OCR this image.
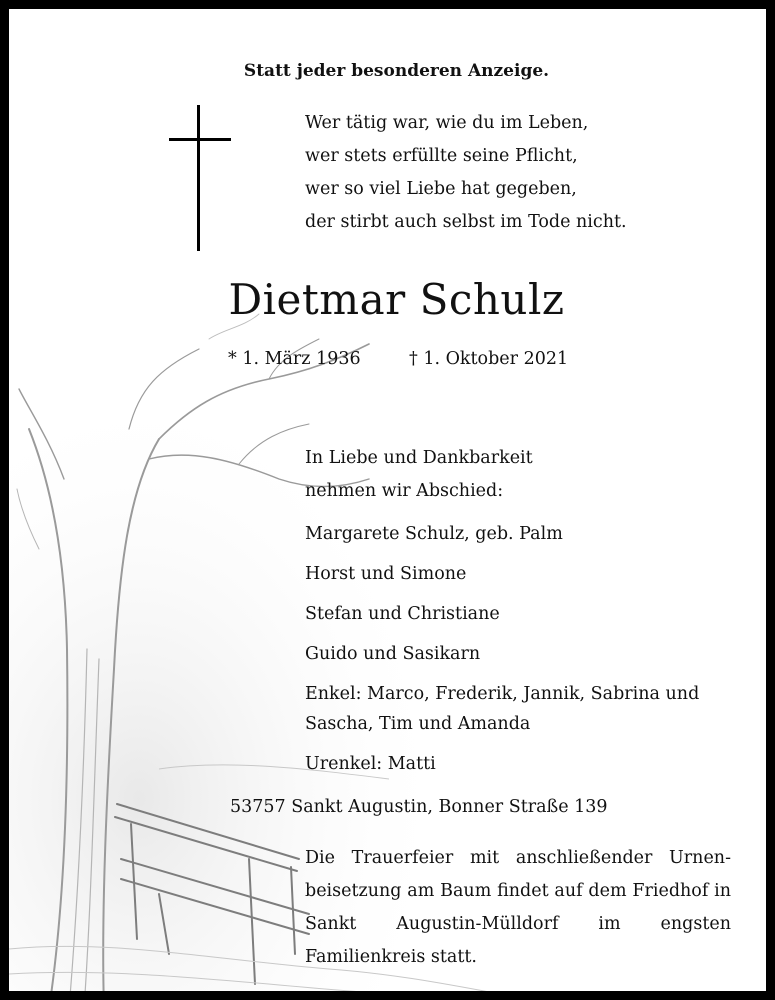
Statt jeder besonderen Anzeige.
Wer tätig war, wie du im Leben,
wer stets erfüllte seine Pflicht,
wer so viel Liebe hat gegeben,
der stirbt auch selbst im Tode nicht.
Dietmar Schulz
* 1. März 1936	† 1. Oktober 2021
In Liebe und Dankbarkeit
nehmen wir Abschied:
Margarete Schulz, geb. Palm
Horst und Simone
Stefan und Christiane
Guido und Sasikarn
Enkel: Marco, Frederik, Jannik, Sabrina und
Sascha, Tim und Amanda
Urenkel: Matti
53757 Sankt Augustin, Bonner Straße 139
Die Trauerfeier mit anschließender Urnen-beisetzung am Baum findet auf dem Friedhof in Sankt Augustin-Mülldorf im engsten Familienkreis statt.
